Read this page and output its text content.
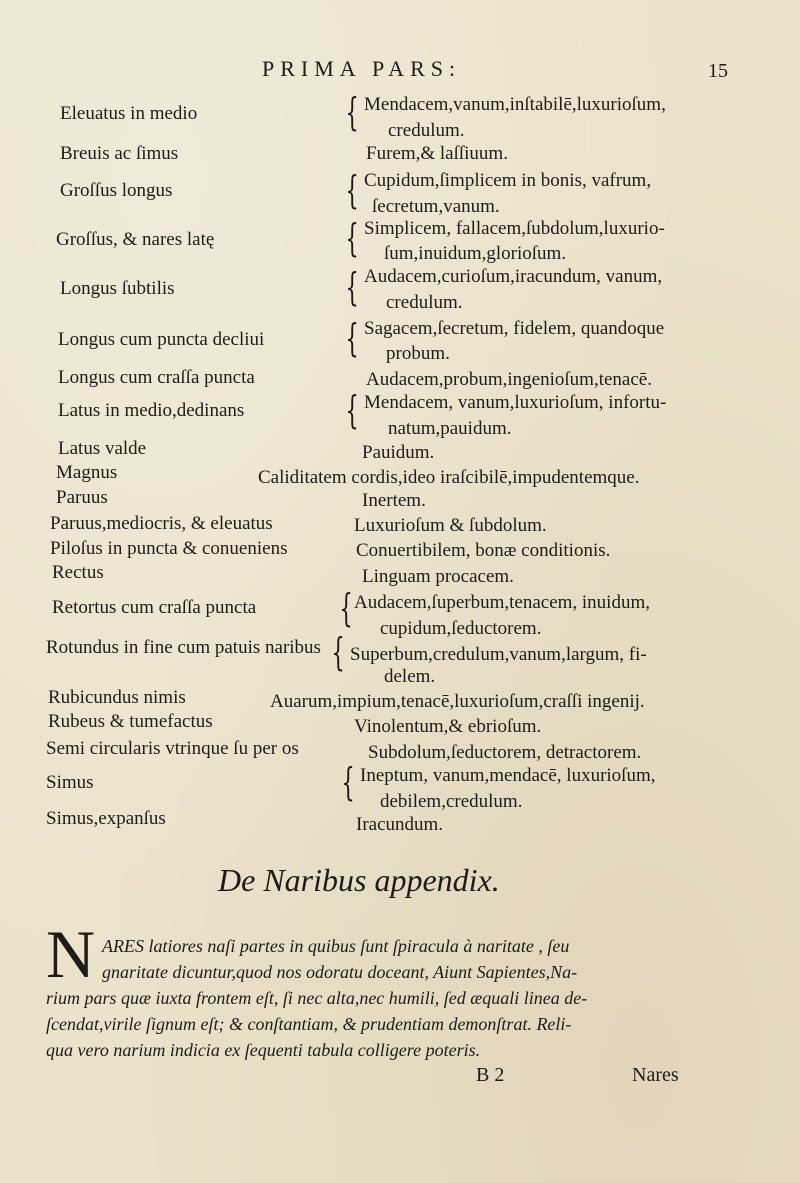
PRIMA PARS:	15
Eleuatus in medio	{ Mendacem,vanum,inſtabilē,luxurioſum,
credulum.
Breuis ac ſimus	Furem,& laſſiuum.
Groſſus longus	{ Cupidum,ſimplicem in bonis, vafrum,
ſecretum,vanum.
Groſſus, & nares latę	{ Simplicem, fallacem,ſubdolum,luxurio-
ſum,inuidum,glorioſum.
Longus ſubtilis	{ Audacem,curioſum,iracundum, vanum,
credulum.
Longus cum puncta decliui { Sagacem,ſecretum, fidelem, quandoque
probum.
Longus cum craſſa puncta	Audacem,probum,ingenioſum,tenacē.
Latus in medio,dedinans	{ Mendacem, vanum,luxurioſum, infortu-
natum,pauidum.
Latus valde	Pauidum.
Magnus	Caliditatem cordis,ideo iraſcibilē,impudentemque.
Paruus	Inertem.
Paruus,mediocris, & eleuatus	Luxurioſum & ſubdolum.
Piloſus in puncta & conueniens	Conuertibilem, bonæ conditionis.
Rectus	Linguam procacem.
Retortus cum craſſa puncta { Audacem,ſuperbum,tenacem, inuidum,
cupidum,ſeductorem.
Rotundus in fine cum patuis naribus { Superbum,credulum,vanum,largum, fi-
delem.
Rubicundus nimis	Auarum,impium,tenacē,luxurioſum,craſſi ingenij.
Rubeus & tumefactus	Vinolentum,& ebrioſum.
Semi circularis vtrinque ſu per os	Subdolum,ſeductorem, detractorem.
Simus	{ Ineptum, vanum,mendacē, luxurioſum,
debilem,credulum.
Simus,expanſus	Iracundum.
De Naribus appendix.
N ARES latiores naſi partes in quibus ſunt ſpiracula à naritate , ſeu
gnaritate dicuntur,quod nos odoratu doceant, Aiunt Sapientes,Na-
rium pars quæ iuxta frontem eſt, ſi nec alta,nec humili, ſed æquali linea de-
ſcendat,virile ſignum eſt; & conſtantiam, & prudentiam demonſtrat. Reli-
qua vero narium indicia ex ſequenti tabula colligere poteris.
B 2	Nares
